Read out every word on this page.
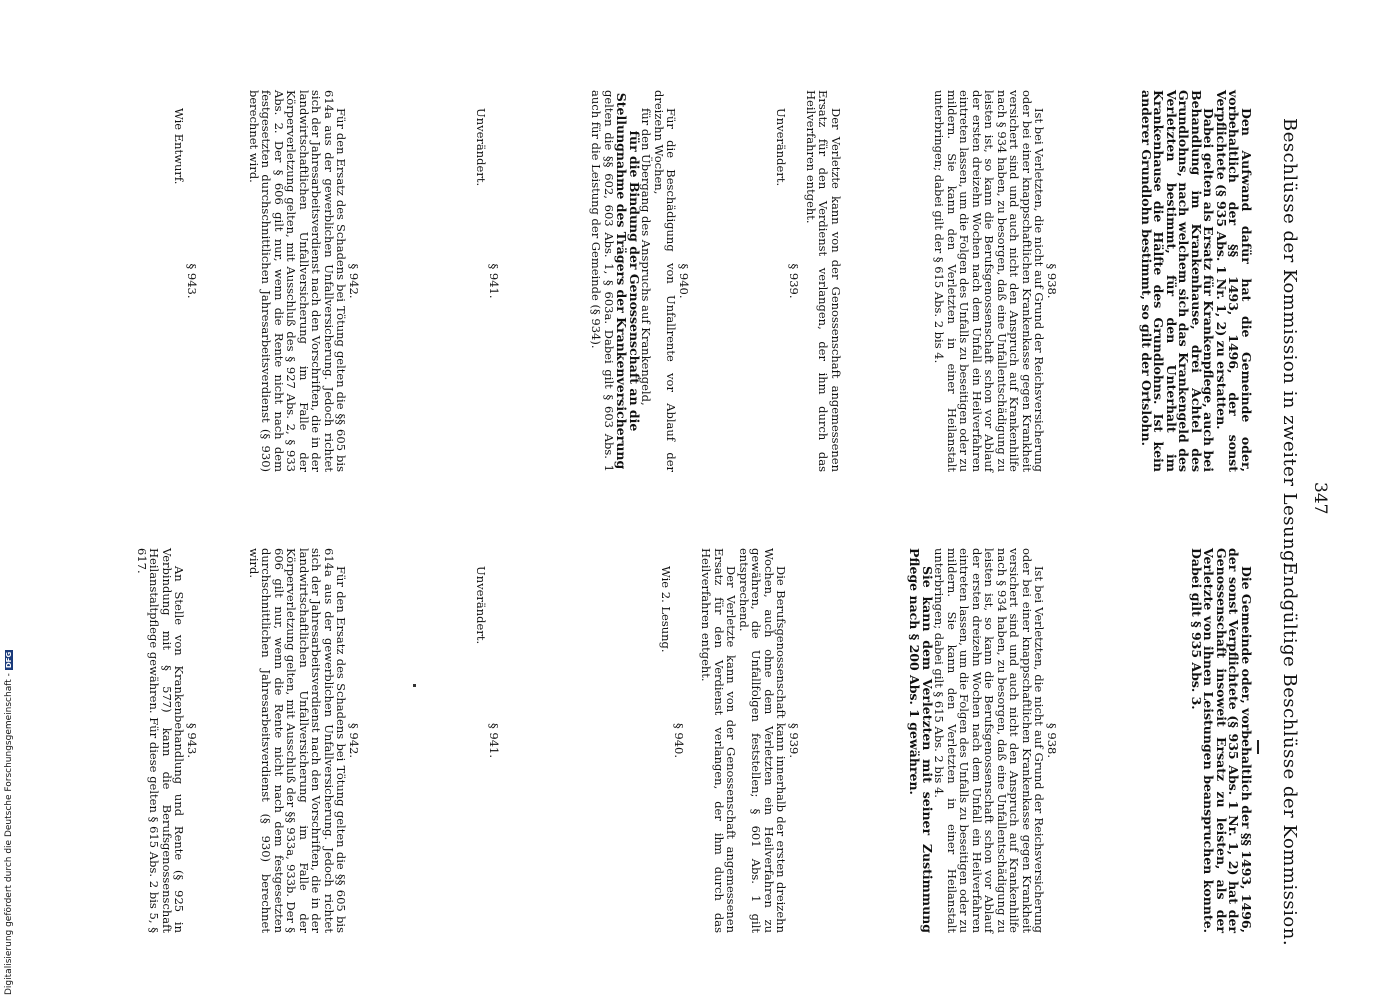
Beschlüsse der Kommission in zweiter Lesung. 347
Endgültige Beschlüsse der Kommission.

Den Aufwand dafür hat die Gemeinde oder, vorbehaltlich der §§ 1493, 1496, der sonst Verpflichtete (§ 935 Abs. 1 Nr. 1, 2) zu erstatten.

Dabei gelten als Ersatz für Krankenpflege, auch bei Behandlung im Krankenhause, drei Achtel des Grundlohns, nach welchem sich das Krankengeld des Verletzten bestimmt, für den Unterhalt im Krankenhause die Hälfte des Grundlohns. Ist kein anderer Grundlohn bestimmt, so gilt der Ortslohn.

§ 938.

Ist bei Verletzten, die nicht auf Grund der Reichsversicherung oder bei einer knappschaftlichen Krankenkasse gegen Krankheit versichert sind und auch nicht den Anspruch auf Krankenhilfe nach § 934 haben, zu besorgen, daß eine Unfallentschädigung zu leisten ist, so kann die Berufsgenossenschaft schon vor Ablauf der ersten dreizehn Wochen nach dem Unfall ein Heilverfahren eintreten lassen, um die Folgen des Unfalls zu beseitigen oder zu mildern. Sie kann den Verletzten in einer Heilanstalt unterbringen; dabei gilt der § 615 Abs. 2 bis 4.

§ 939.

Unverändert.	Der Verletzte kann von der Genossenschaft angemessenen Ersatz für den Verdienst verlangen, der ihm durch das Heilverfahren entgeht.

§ 940.

Für die Beschädigung von Unfallrente vor Ablauf der dreizehn Wochen,

für den Übergang des Anspruchs auf Krankengeld,

für die Bindung der Genossenschaft an die Stellungnahme des Trägers der Krankenversicherung

gelten die §§ 602, 603 Abs. 1, § 603a. Dabei gilt § 603 Abs. 1 auch für die Leistung der Gemeinde (§ 934).

§ 941.

Unverändert.

§ 942.

Für den Ersatz des Schadens bei Tötung gelten die §§ 605 bis 614a aus der gewerblichen Unfallversicherung. Jedoch richtet sich der Jahresarbeitsverdienst nach den Vorschriften, die in der landwirtschaftlichen Unfallversicherung im Falle der Körperverletzung gelten, mit Ausschluß des § 927 Abs. 2, § 933 Abs. 2. Der § 606 gilt nur, wenn die Rente nicht nach dem festgesetzten durchschnittlichen Jahresarbeitsverdienst (§ 930) berechnet wird.

§ 943.

Wie Entwurf.

Die Gemeinde oder, vorbehaltlich der §§ 1493, 1496, der sonst Verpflichtete (§ 935 Abs. 1 Nr. 1, 2) hat der Genossenschaft insoweit Ersatz zu leisten, als der Verletzte von ihnen Leistungen beanspruchen konnte. Dabei gilt § 935 Abs. 3.

§ 938.

Ist bei Verletzten, die nicht auf Grund der Reichsversicherung oder bei einer knappschaftlichen Krankenkasse gegen Krankheit versichert sind und auch nicht den Anspruch auf Krankenhilfe nach § 934 haben, zu besorgen, daß eine Unfallentschädigung zu leisten ist, so kann die Berufsgenossenschaft schon vor Ablauf der ersten dreizehn Wochen nach dem Unfall ein Heilverfahren eintreten lassen, um die Folgen des Unfalls zu beseitigen oder zu mildern. Sie kann den Verletzten in einer Heilanstalt unterbringen; dabei gilt § 615 Abs. 2 bis 4.

Sie kann dem Verletzten mit seiner Zustimmung Pflege nach § 200 Abs. 1 gewähren.

§ 939.

Die Berufsgenossenschaft kann innerhalb der ersten dreizehn Wochen, auch ohne dem Verletzten ein Heilverfahren zu gewähren, die Unfallfolgen feststellen; § 601 Abs. 1 gilt entsprechend.

Der Verletzte kann von der Genossenschaft angemessenen Ersatz für den Verdienst verlangen, der ihm durch das Heilverfahren entgeht.

§ 940.

Wie 2. Lesung.

§ 941.

Unverändert.

§ 942.

Für den Ersatz des Schadens bei Tötung gelten die §§ 605 bis 614a aus der gewerblichen Unfallversicherung. Jedoch richtet sich der Jahresarbeitsverdienst nach den Vorschriften, die in der landwirtschaftlichen Unfallversicherung im Falle der Körperverletzung gelten, mit Ausschluß der §§ 933a, 933b. Der § 606 gilt nur, wenn die Rente nicht nach dem festgesetzten durchschnittlichen Jahresarbeitsverdienst (§ 930) berechnet wird.

§ 943.

An Stelle von Krankenbehandlung und Rente (§ 925 in Verbindung mit § 577) kann die Berufsgenossenschaft Heilanstaltpflege gewähren. Für diese gelten § 615 Abs. 2 bis 5, § 617.

Digitalisierung gefördert durch die Deutsche Forschungsgemeinschaft -DFG
